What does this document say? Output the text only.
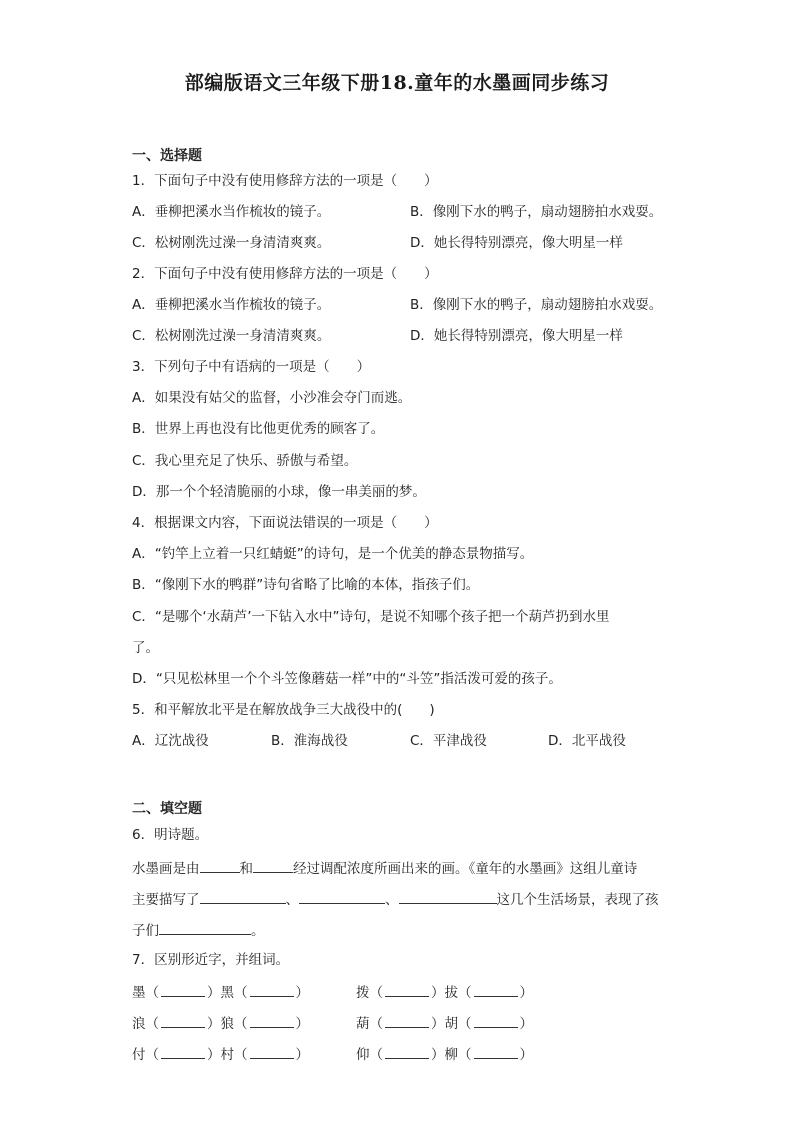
部编版语文三年级下册18.童年的水墨画同步练习
一、选择题
1．下面句子中没有使用修辞方法的一项是（　　）
A．垂柳把溪水当作梳妆的镜子。	B．像刚下水的鸭子，扇动翅膀拍水戏耍。
C．松树刚洗过澡一身清清爽爽。	D．她长得特别漂亮，像大明星一样
2．下面句子中没有使用修辞方法的一项是（　　）
A．垂柳把溪水当作梳妆的镜子。	B．像刚下水的鸭子，扇动翅膀拍水戏耍。
C．松树刚洗过澡一身清清爽爽。	D．她长得特别漂亮，像大明星一样
3．下列句子中有语病的一项是（　　）
A．如果没有姑父的监督，小沙准会夺门而逃。
B．世界上再也没有比他更优秀的顾客了。
C．我心里充足了快乐、骄傲与希望。
D．那一个个轻清脆丽的小球，像一串美丽的梦。
4．根据课文内容，下面说法错误的一项是（　　）
A．“钓竿上立着一只红蜻蜓”的诗句，是一个优美的静态景物描写。
B．“像刚下水的鸭群”诗句省略了比喻的本体，指孩子们。
C．“是哪个‘水葫芦’一下钻入水中”诗句，是说不知哪个孩子把一个葫芦扔到水里
了。
D．“只见松林里一个个斗笠像蘑菇一样”中的“斗笠”指活泼可爱的孩子。
5．和平解放北平是在解放战争三大战役中的(　　)
A．辽沈战役	B．淮海战役	C．平津战役	D．北平战役
二、填空题
6．明诗题。
水墨画是由	和	经过调配浓度所画出来的画。《童年的水墨画》这组儿童诗
主要描写了	、	、	这几个生活场景，表现了孩
子们	。
7．区别形近字，并组词。
墨（	）黑（	）	拨（	）拔（	）
浪（	）狼（	）	葫（	）胡（	）
付（	）村（	）	仰（	）柳（	）
